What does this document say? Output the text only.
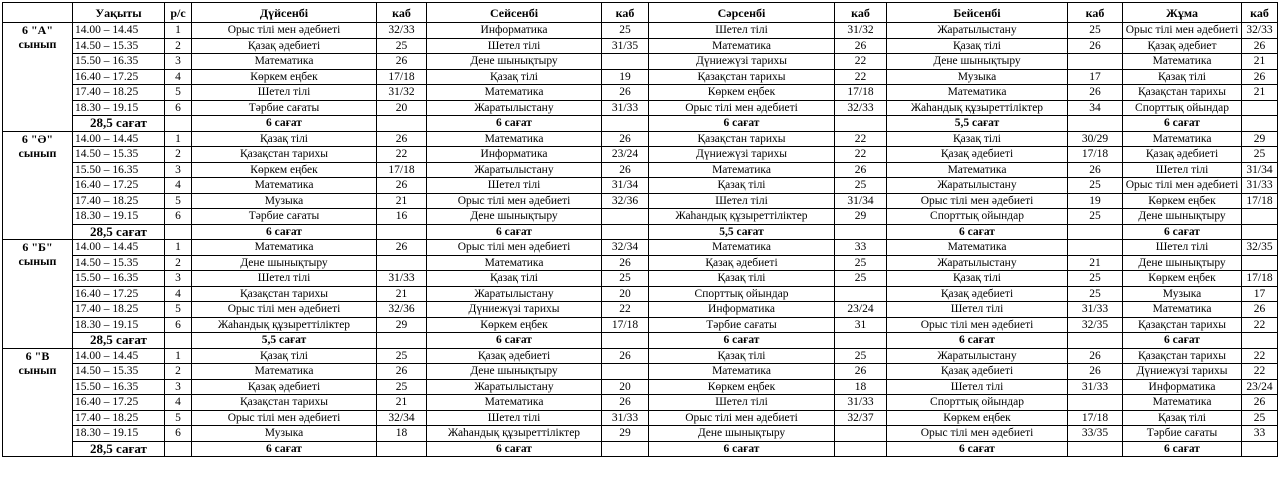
	Уақыты	р/с	Дүйсенбі	каб	Сейсенбі	каб	Сәрсенбі	каб	Бейсенбі	каб	Жұма	каб

6 "А"
сынып	14.00 – 14.45	1	Орыс тілі мен әдебиеті	32/33	Информатика	25	Шетел тілі	31/32	Жаратылыстану	25	Орыс тілі мен әдебиеті	32/33
	14.50 – 15.35	2	Қазақ әдебиеті	25	Шетел тілі	31/35	Математика	26	Қазақ тілі	26	Қазақ әдебиет	26
	15.50 – 16.35	3	Математика	26	Дене шынықтыру		Дүниежүзі тарихы	22	Дене шынықтыру		Математика	21
	16.40 – 17.25	4	Көркем еңбек	17/18	Қазақ тілі	19	Қазақстан тарихы	22	Музыка	17	Қазақ тілі	26
	17.40 – 18.25	5	Шетел тілі	31/32	Математика	26	Көркем еңбек	17/18	Математика	26	Қазақстан тарихы	21
	18.30 – 19.15	6	Тәрбие сағаты	20	Жаратылыстану	31/33	Орыс тілі мен әдебиеті	32/33	Жаһандық құзыреттіліктер	34	Спорттық ойындар	
	28,5 сағат		6 сағат		6 сағат		6 сағат		5,5 сағат		6 сағат	

6 "Ә"
сынып	14.00 – 14.45	1	Қазақ тілі	26	Математика	26	Қазақстан тарихы	22	Қазақ тілі	30/29	Математика	29
	14.50 – 15.35	2	Қазақстан тарихы	22	Информатика	23/24	Дүниежүзі тарихы	22	Қазақ әдебиеті	17/18	Қазақ әдебиеті	25
	15.50 – 16.35	3	Көркем еңбек	17/18	Жаратылыстану	26	Математика	26	Математика	26	Шетел тілі	31/34
	16.40 – 17.25	4	Математика	26	Шетел тілі	31/34	Қазақ тілі	25	Жаратылыстану	25	Орыс тілі мен әдебиеті	31/33
	17.40 – 18.25	5	Музыка	21	Орыс тілі мен әдебиеті	32/36	Шетел тілі	31/34	Орыс тілі мен әдебиеті	19	Көркем еңбек	17/18
	18.30 – 19.15	6	Тәрбие сағаты	16	Дене шынықтыру		Жаһандық құзыреттіліктер	29	Спорттық ойындар	25	Дене шынықтыру	
	28,5 сағат		6 сағат		6 сағат		5,5 сағат		6 сағат		6 сағат	

6 "Б"
сынып	14.00 – 14.45	1	Математика	26	Орыс тілі мен әдебиеті	32/34	Математика	33	Математика		Шетел тілі	32/35
	14.50 – 15.35	2	Дене шынықтыру		Математика	26	Қазақ әдебиеті	25	Жаратылыстану	21	Дене шынықтыру	
	15.50 – 16.35	3	Шетел тілі	31/33	Қазақ тілі	25	Қазақ тілі	25	Қазақ тілі	25	Көркем еңбек	17/18
	16.40 – 17.25	4	Қазақстан тарихы	21	Жаратылыстану	20	Спорттық ойындар		Қазақ әдебиеті	25	Музыка	17
	17.40 – 18.25	5	Орыс тілі мен әдебиеті	32/36	Дүниежүзі тарихы	22	Информатика	23/24	Шетел тілі	31/33	Математика	26
	18.30 – 19.15	6	Жаһандық құзыреттіліктер	29	Көркем еңбек	17/18	Тәрбие сағаты	31	Орыс тілі мен әдебиеті	32/35	Қазақстан тарихы	22
	28,5 сағат		5,5 сағат		6 сағат		6 сағат		6 сағат		6 сағат	

6 "В
сынып	14.00 – 14.45	1	Қазақ тілі	25	Қазақ әдебиеті	26	Қазақ тілі	25	Жаратылыстану	26	Қазақстан тарихы	22
	14.50 – 15.35	2	Математика	26	Дене шынықтыру		Математика	26	Қазақ әдебиеті	26	Дүниежүзі тарихы	22
	15.50 – 16.35	3	Қазақ әдебиеті	25	Жаратылыстану	20	Көркем еңбек	18	Шетел тілі	31/33	Информатика	23/24
	16.40 – 17.25	4	Қазақстан тарихы	21	Математика	26	Шетел тілі	31/33	Спорттық ойындар		Математика	26
	17.40 – 18.25	5	Орыс тілі мен әдебиеті	32/34	Шетел тілі	31/33	Орыс тілі мен әдебиеті	32/37	Көркем еңбек	17/18	Қазақ тілі	25
	18.30 – 19.15	6	Музыка	18	Жаһандық құзыреттіліктер	29	Дене шынықтыру		Орыс тілі мен әдебиеті	33/35	Тәрбие сағаты	33
	28,5 сағат		6 сағат		6 сағат		6 сағат		6 сағат		6 сағат	
